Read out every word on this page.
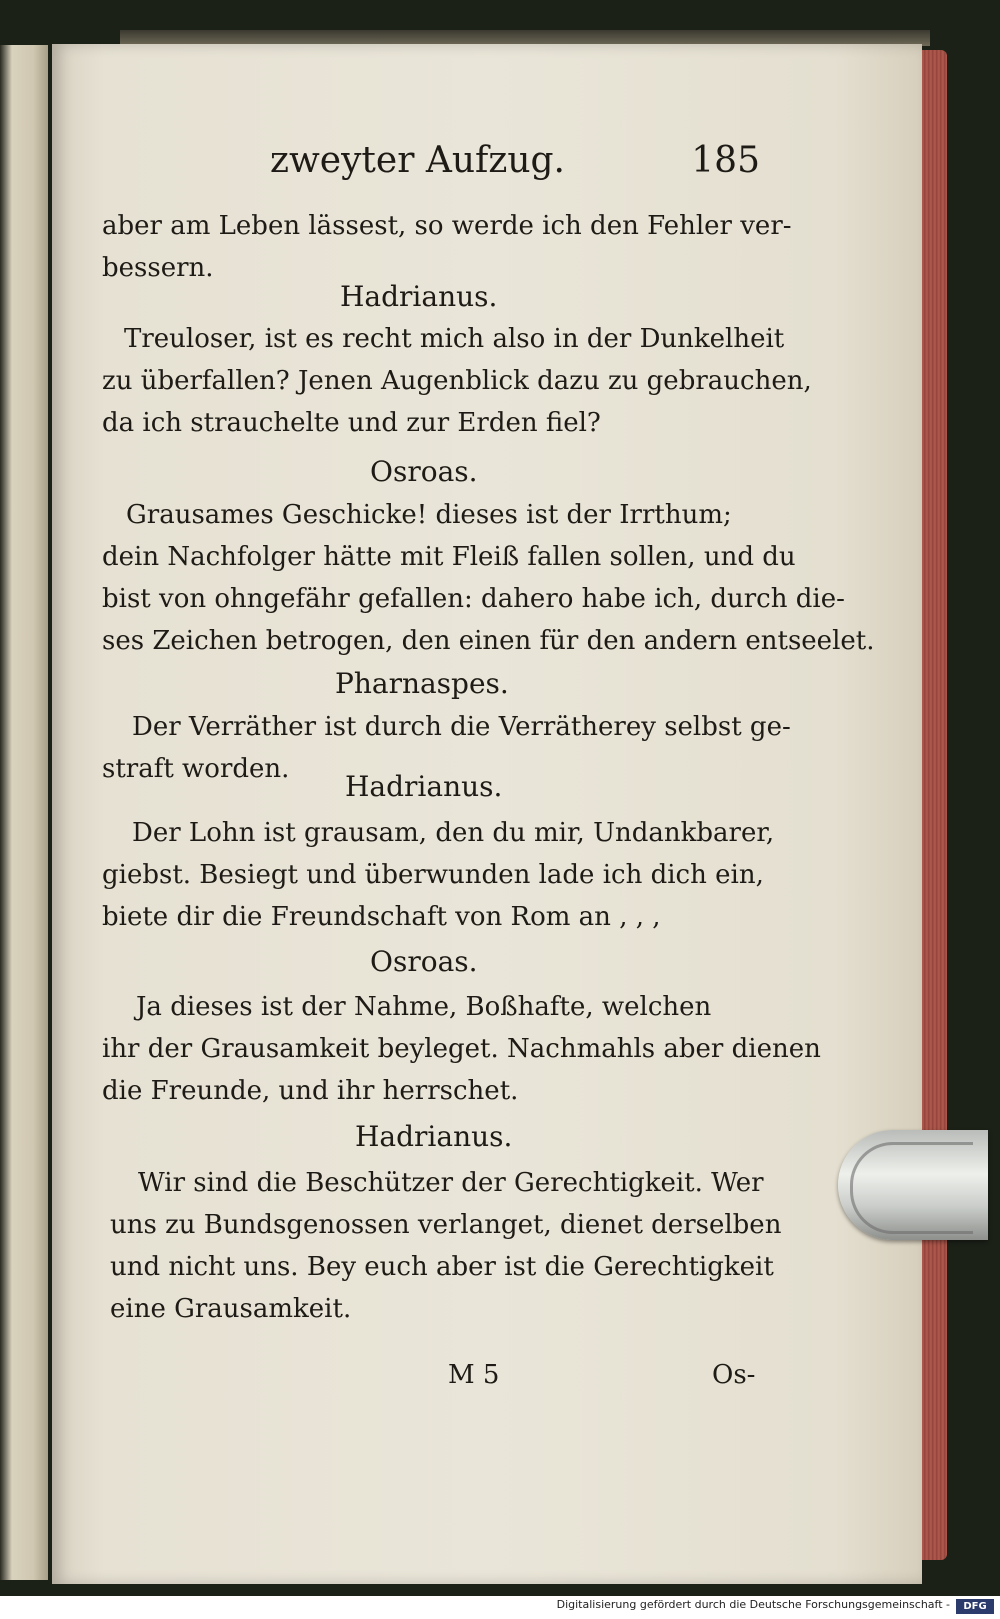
zweyter Aufzug.	185
aber am Leben lässest, so werde ich den Fehler ver-
bessern.
Hadrianus.
Treuloser, ist es recht mich also in der Dunkelheit
zu überfallen? Jenen Augenblick dazu zu gebrauchen,
da ich strauchelte und zur Erden fiel?
Osroas.
Grausames Geschicke! dieses ist der Irrthum;
dein Nachfolger hätte mit Fleiß fallen sollen, und du
bist von ohngefähr gefallen: dahero habe ich, durch die-
ses Zeichen betrogen, den einen für den andern entseelet.
Pharnaspes.
Der Verräther ist durch die Verrätherey selbst ge-
straft worden.
Hadrianus.
Der Lohn ist grausam, den du mir, Undankbarer,
giebst. Besiegt und überwunden lade ich dich ein,
biete dir die Freundschaft von Rom an , , ,
Osroas.
Ja dieses ist der Nahme, Boßhafte, welchen
ihr der Grausamkeit beyleget. Nachmahls aber dienen
die Freunde, und ihr herrschet.
Hadrianus.
Wir sind die Beschützer der Gerechtigkeit. Wer
uns zu Bundsgenossen verlanget, dienet derselben
und nicht uns. Bey euch aber ist die Gerechtigkeit
eine Grausamkeit.
M 5	Os-
Digitalisierung gefördert durch die Deutsche Forschungsgemeinschaft -	DFG
